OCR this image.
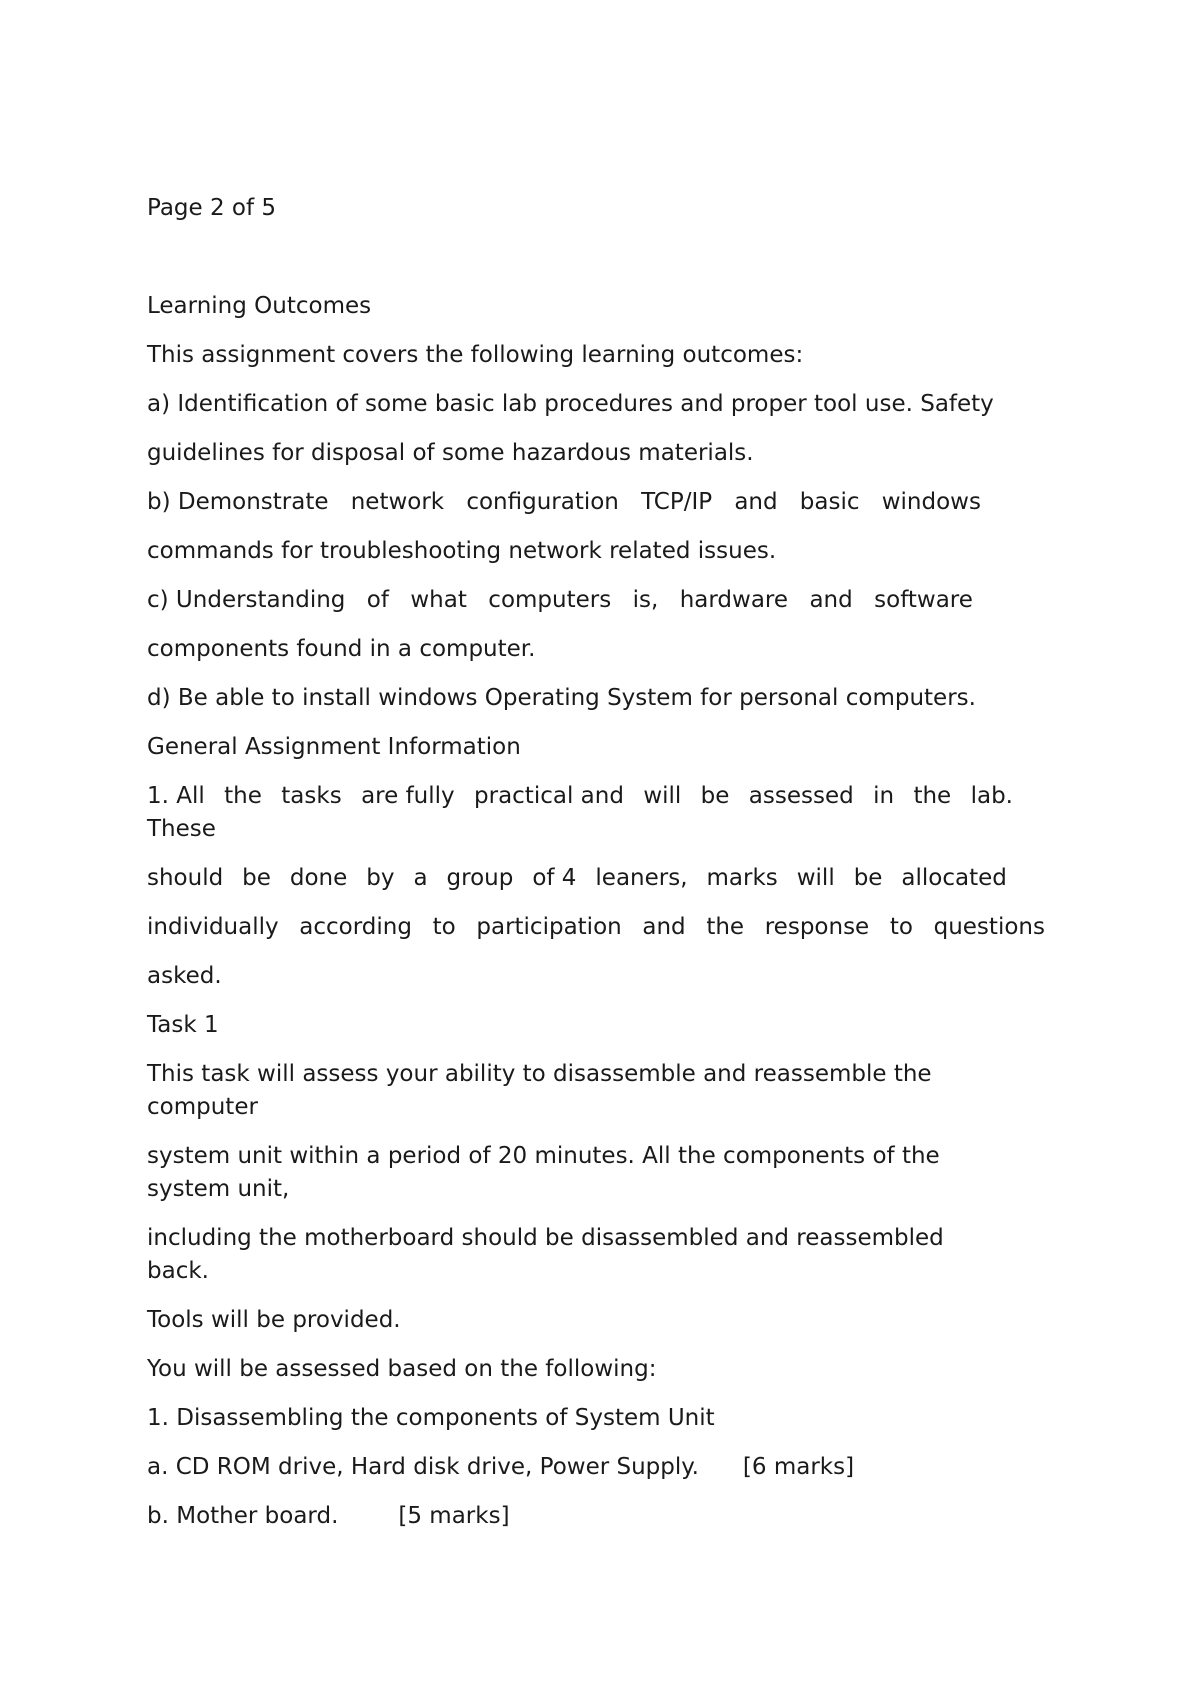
Page 2 of 5
Learning Outcomes
This assignment covers the following learning outcomes:
a) Identification of some basic lab procedures and proper tool use. Safety
guidelines for disposal of some hazardous materials.
b) Demonstrate network configuration TCP/IP and basic windows
commands for troubleshooting network related issues.
c) Understanding of what computers is, hardware and software
components found in a computer.
d) Be able to install windows Operating System for personal computers.
General Assignment Information
1. All the tasks are fully practical and will be assessed in the lab.
These
should be done by a group of 4 leaners, marks will be allocated
individually according to participation and the response to questions
asked.
Task 1
This task will assess your ability to disassemble and reassemble the
computer
system unit within a period of 20 minutes. All the components of the
system unit,
including the motherboard should be disassembled and reassembled
back.
Tools will be provided.
You will be assessed based on the following:
1. Disassembling the components of System Unit
a. CD ROM drive, Hard disk drive, Power Supply. [6 marks]
b. Mother board.	[5 marks]
